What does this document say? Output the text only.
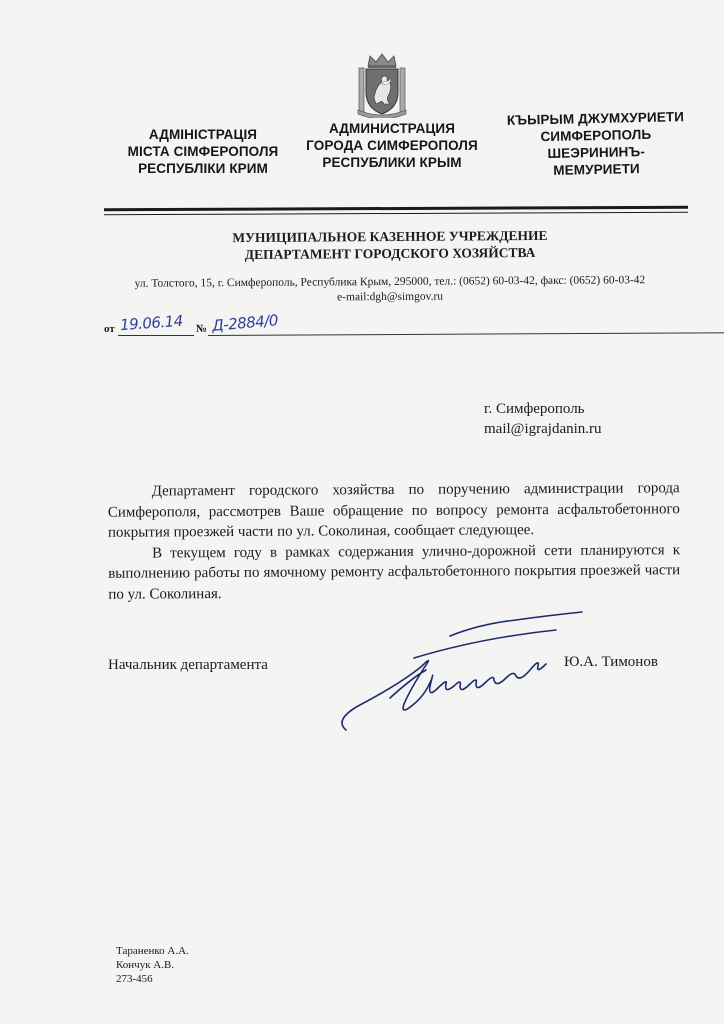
АДМІНІСТРАЦІЯ
МІСТА СІМФЕРОПОЛЯ
РЕСПУБЛІКИ КРИМ
АДМИНИСТРАЦИЯ
ГОРОДА СИМФЕРОПОЛЯ
РЕСПУБЛИКИ КРЫМ
КЪЫРЫМ ДЖУМХУРИЕТИ
СИМФЕРОПОЛЬ
ШЕЭРИНИНЪ-
МЕМУРИЕТИ
МУНИЦИПАЛЬНОЕ КАЗЕННОЕ УЧРЕЖДЕНИЕ
ДЕПАРТАМЕНТ ГОРОДСКОГО ХОЗЯЙСТВА
ул. Толстого, 15, г. Симферополь, Республика Крым, 295000, тел.: (0652) 60-03-42, факс: (0652) 60-03-42
e-mail:dgh@simgov.ru
от 19.06.14 № Д-2884/0
г. Симферополь
mail@igrajdanin.ru

Департамент городского хозяйства по поручению администрации города Симферополя, рассмотрев Ваше обращение по вопросу ремонта асфальтобетонного покрытия проезжей части по ул. Соколиная, сообщает следующее.

В текущем году в рамках содержания улично-дорожной сети планируются к выполнению работы по ямочному ремонту асфальтобетонного покрытия проезжей части по ул. Соколиная.

Начальник департамента	Ю.А. Тимонов
Тараненко А.А.
Кончук А.В.
273-456
